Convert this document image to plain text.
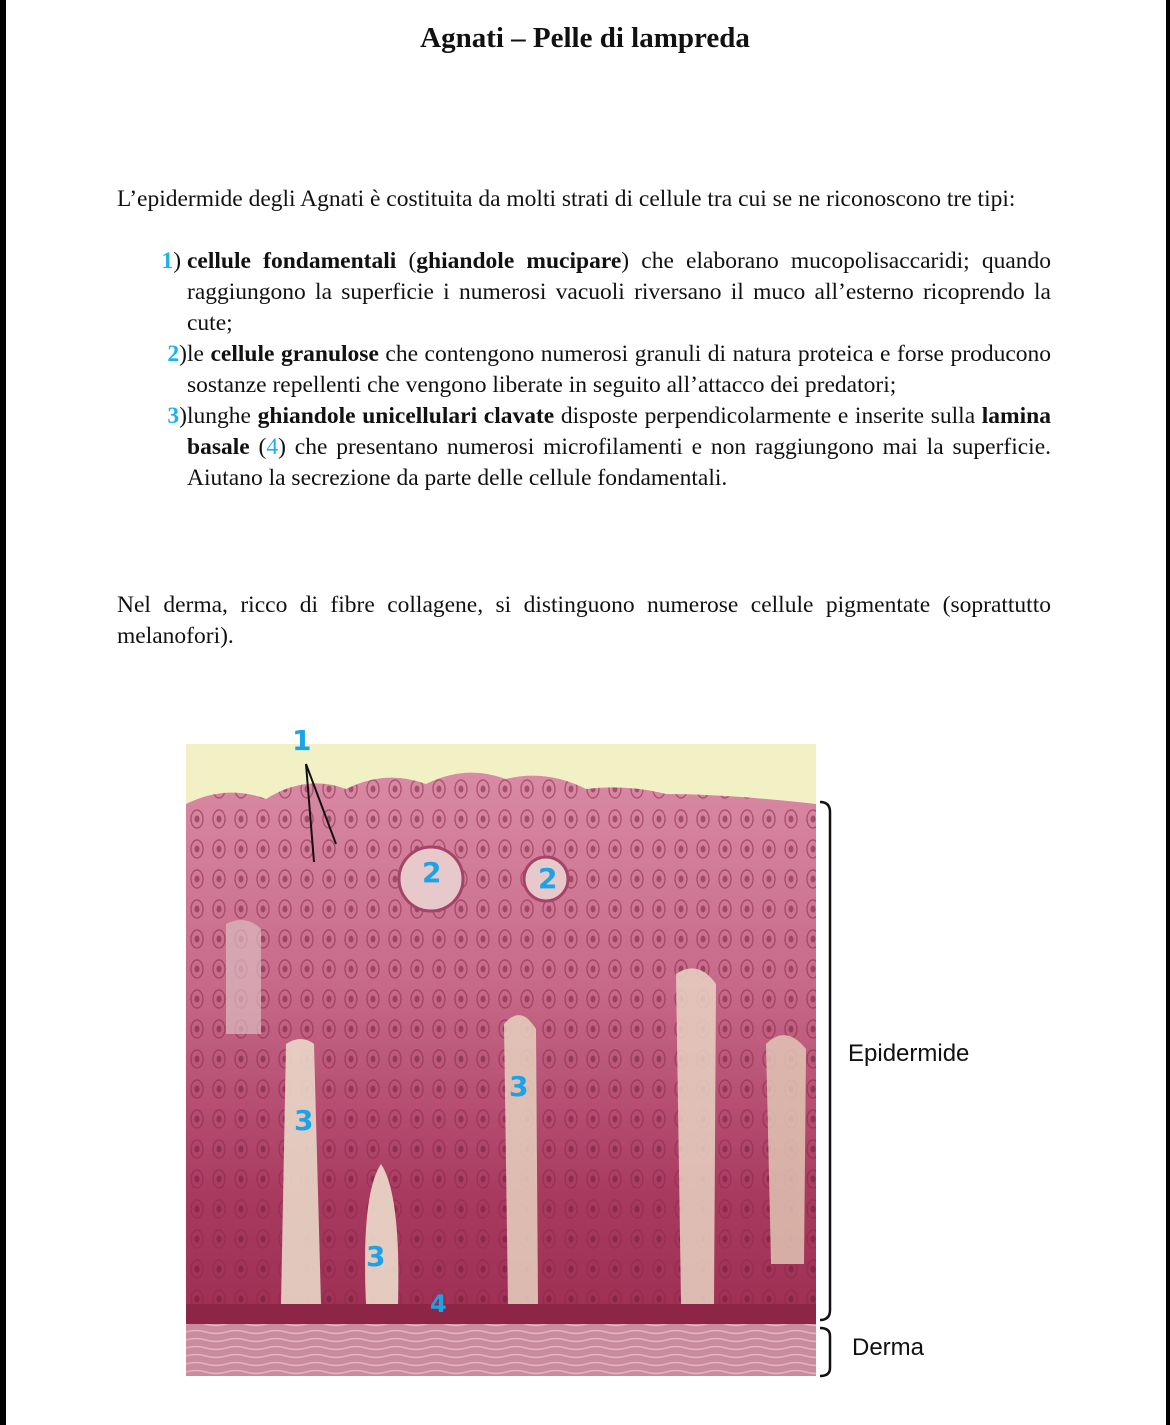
Agnati – Pelle di lampreda
L’epidermide degli Agnati è costituita da molti strati di cellule tra cui se ne riconoscono tre tipi:
1) cellule fondamentali (ghiandole mucipare) che elaborano mucopolisaccaridi; quando raggiungono la superficie i numerosi vacuoli riversano il muco all’esterno ricoprendo la cute;
2) le cellule granulose che contengono numerosi granuli di natura proteica e forse producono sostanze repellenti che vengono liberate in seguito all’attacco dei predatori;
3) lunghe ghiandole unicellulari clavate disposte perpendicolarmente e inserite sulla lamina basale (4) che presentano numerosi microfilamenti e non raggiungono mai la superficie. Aiutano la secrezione da parte delle cellule fondamentali.
Nel derma, ricco di fibre collagene, si distinguono numerose cellule pigmentate (soprattutto melanofori).
1
2	2
3
3
3
4
Epidermide
Derma
